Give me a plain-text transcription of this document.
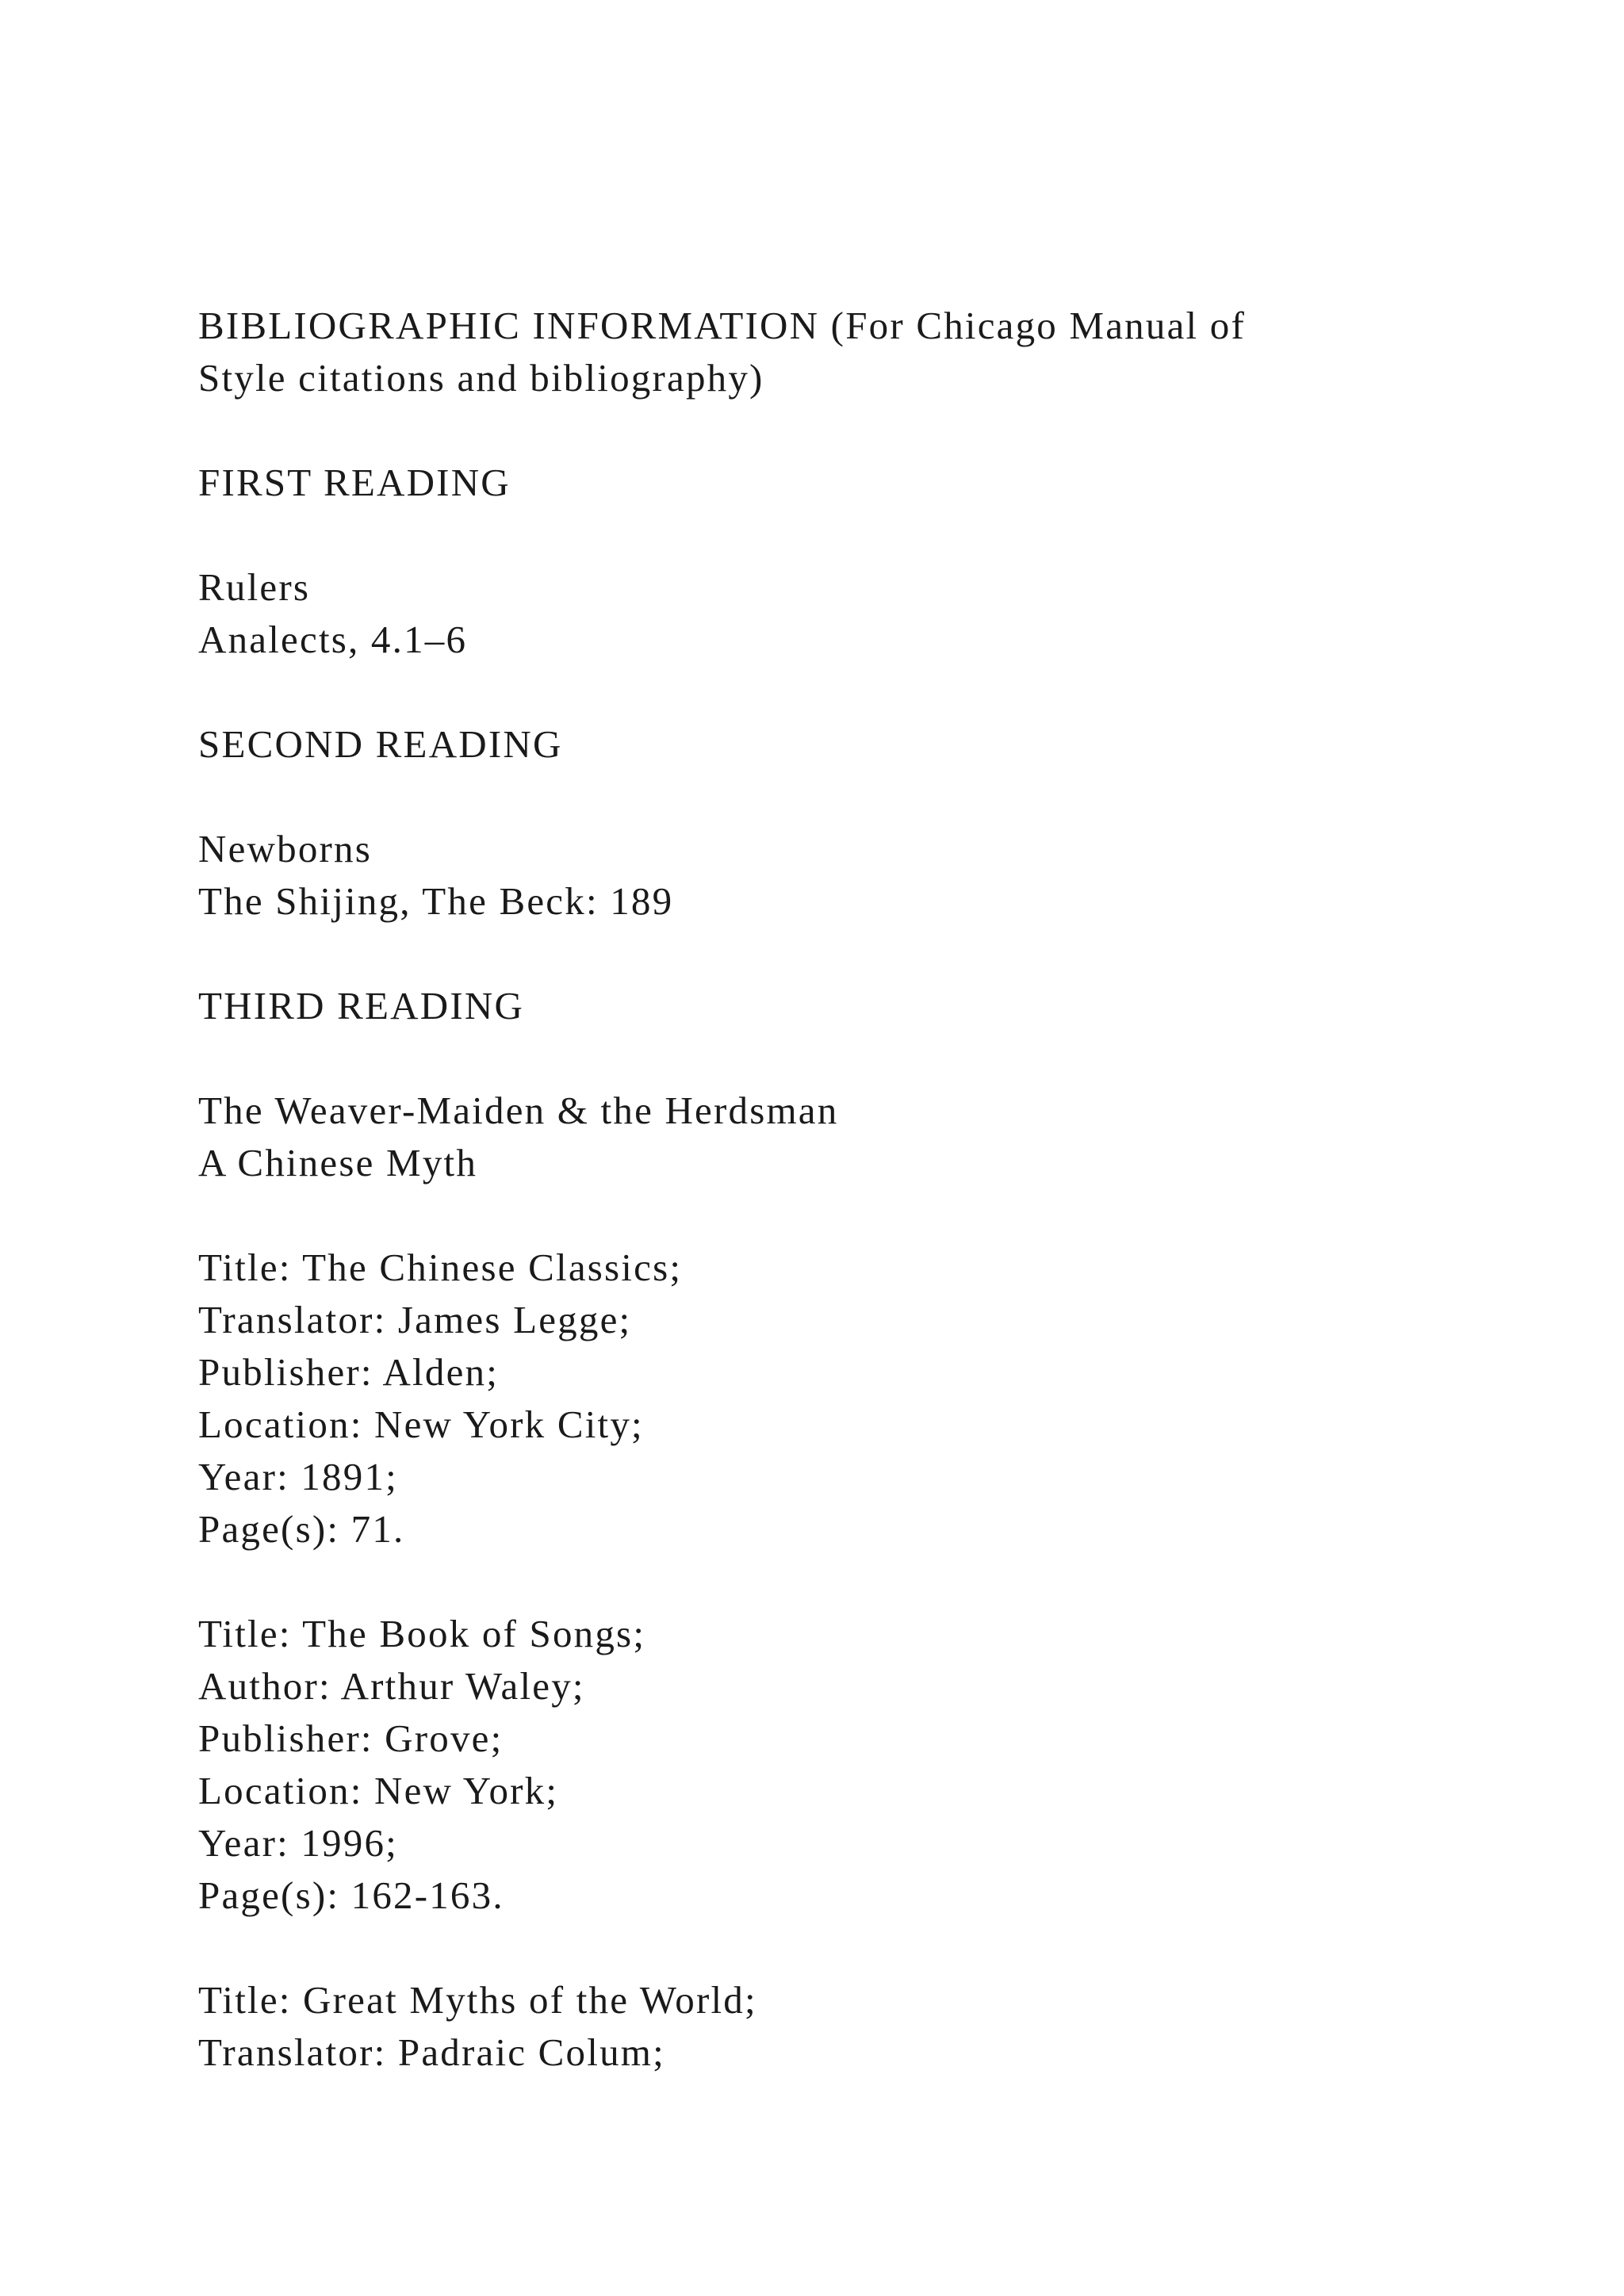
BIBLIOGRAPHIC INFORMATION (For Chicago Manual of
Style citations and bibliography)
FIRST READING
Rulers
Analects, 4.1–6
SECOND READING
Newborns
The Shijing, The Beck: 189
THIRD READING
The Weaver-Maiden & the Herdsman
A Chinese Myth
Title: The Chinese Classics;
Translator: James Legge;
Publisher: Alden;
Location: New York City;
Year: 1891;
Page(s): 71.
Title: The Book of Songs;
Author: Arthur Waley;
Publisher: Grove;
Location: New York;
Year: 1996;
Page(s): 162-163.
Title: Great Myths of the World;
Translator: Padraic Colum;
